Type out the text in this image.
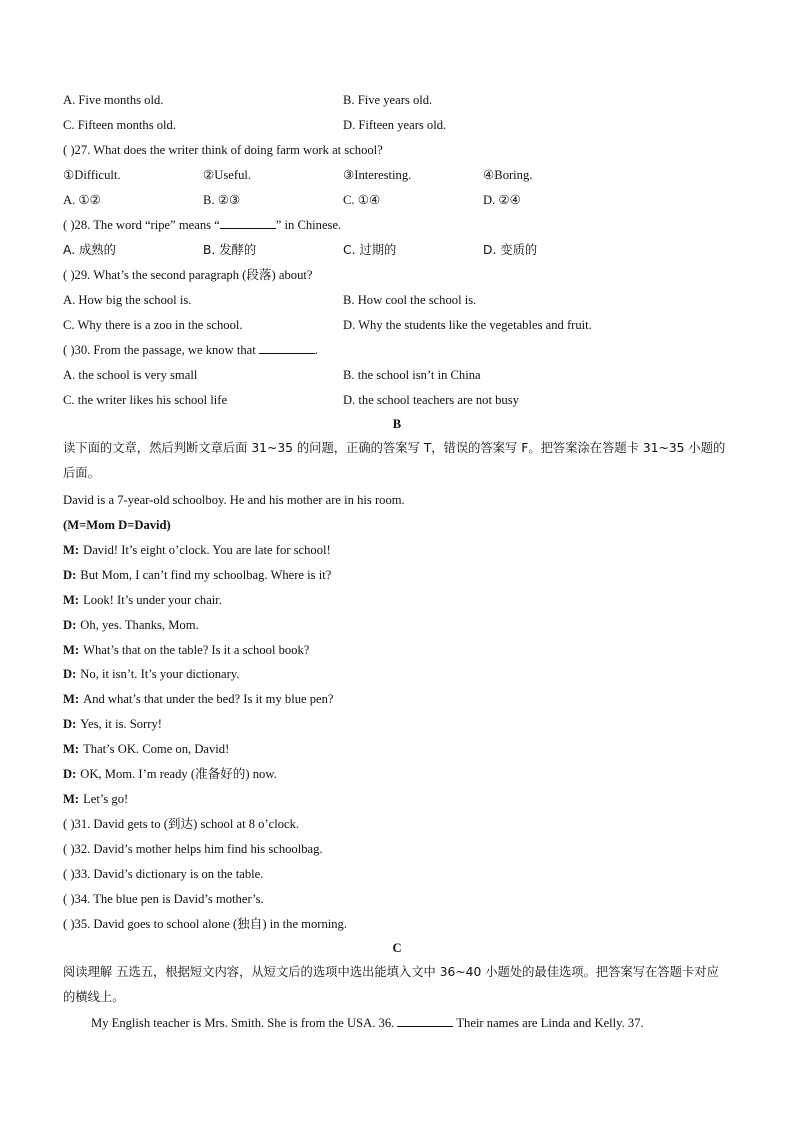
A. Five months old.	B. Five years old.
C. Fifteen months old.	D. Fifteen years old.
( )27. What does the writer think of doing farm work at school?
①Difficult.	②Useful.	③Interesting.	④Boring.
A. ①②	B. ②③	C. ①④	D. ②④
( )28. The word “ripe” means “	” in Chinese.
A. 成熟的	B. 发酵的	C. 过期的	D. 变质的
( )29. What’s the second paragraph (段落) about?
A. How big the school is.	B. How cool the school is.
C. Why there is a zoo in the school.	D. Why the students like the vegetables and fruit.
( )30. From the passage, we know that	.
A. the school is very small	B. the school isn’t in China
C. the writer likes his school life	D. the school teachers are not busy
B
读下面的文章，然后判断文章后面 31~35 的问题，正确的答案写 T，错误的答案写 F。把答案涂在答题卡 31~35 小题的后面。
David is a 7-year-old schoolboy. He and his mother are in his room.
(M=Mom D=David)
M: David! It’s eight o’clock. You are late for school!
D: But Mom, I can’t find my schoolbag. Where is it?
M: Look! It’s under your chair.
D: Oh, yes. Thanks, Mom.
M: What’s that on the table? Is it a school book?
D: No, it isn’t. It’s your dictionary.
M: And what’s that under the bed? Is it my blue pen?
D: Yes, it is. Sorry!
M: That’s OK. Come on, David!
D: OK, Mom. I’m ready (准备好的) now.
M: Let’s go!
( )31. David gets to (到达) school at 8 o’clock.
( )32. David’s mother helps him find his schoolbag.
( )33. David’s dictionary is on the table.
( )34. The blue pen is David’s mother’s.
( )35. David goes to school alone (独自) in the morning.
C
阅读理解 五选五，根据短文内容，从短文后的选项中选出能填入文中 36~40 小题处的最佳选项。把答案写在答题卡对应的横线上。
My English teacher is Mrs. Smith. She is from the USA. 36.	Their names are Linda and Kelly. 37.
